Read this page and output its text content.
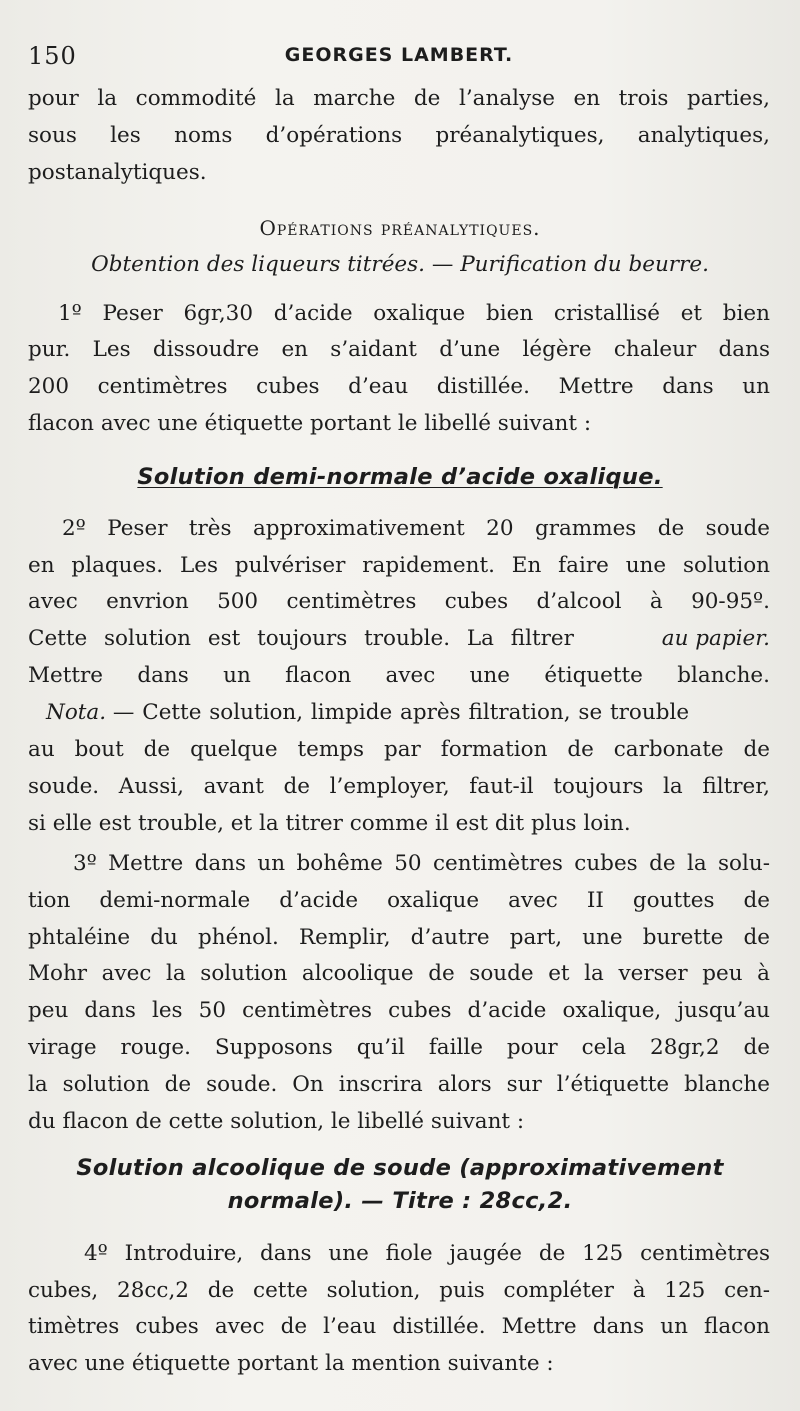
150	GEORGES LAMBERT.
pour la commodité la marche de l’analyse en trois parties,
sous les noms d’opérations préanalytiques, analytiques,
postanalytiques.
Opérations préanalytiques.
Obtention des liqueurs titrées. — Purification du beurre.
1º Peser 6gr,30 d’acide oxalique bien cristallisé et bien
pur. Les dissoudre en s’aidant d’une légère chaleur dans
200 centimètres cubes d’eau distillée. Mettre dans un
flacon avec une étiquette portant le libellé suivant :
Solution demi-normale d’acide oxalique.
2º Peser très approximativement 20 grammes de soude
en plaques. Les pulvériser rapidement. En faire une solution
avec envrion 500 centimètres cubes d’alcool à 90-95º.
Cette solution est toujours trouble. La filtrer	au papier.
Mettre dans un flacon avec une étiquette blanche.
Nota. — Cette solution, limpide après filtration, se trouble
au bout de quelque temps par formation de carbonate de
soude. Aussi, avant de l’employer, faut-il toujours la filtrer,
si elle est trouble, et la titrer comme il est dit plus loin.
3º Mettre dans un bohême 50 centimètres cubes de la solu-
tion demi-normale d’acide oxalique avec II gouttes de
phtaléine du phénol. Remplir, d’autre part, une burette de
Mohr avec la solution alcoolique de soude et la verser peu à
peu dans les 50 centimètres cubes d’acide oxalique, jusqu’au
virage rouge. Supposons qu’il faille pour cela 28gr,2 de
la solution de soude. On inscrira alors sur l’étiquette blanche
du flacon de cette solution, le libellé suivant :
Solution alcoolique de soude (approximativement
normale). — Titre : 28cc,2.
4º Introduire, dans une fiole jaugée de 125 centimètres
cubes, 28cc,2 de cette solution, puis compléter à 125 cen-
timètres cubes avec de l’eau distillée. Mettre dans un flacon
avec une étiquette portant la mention suivante :
